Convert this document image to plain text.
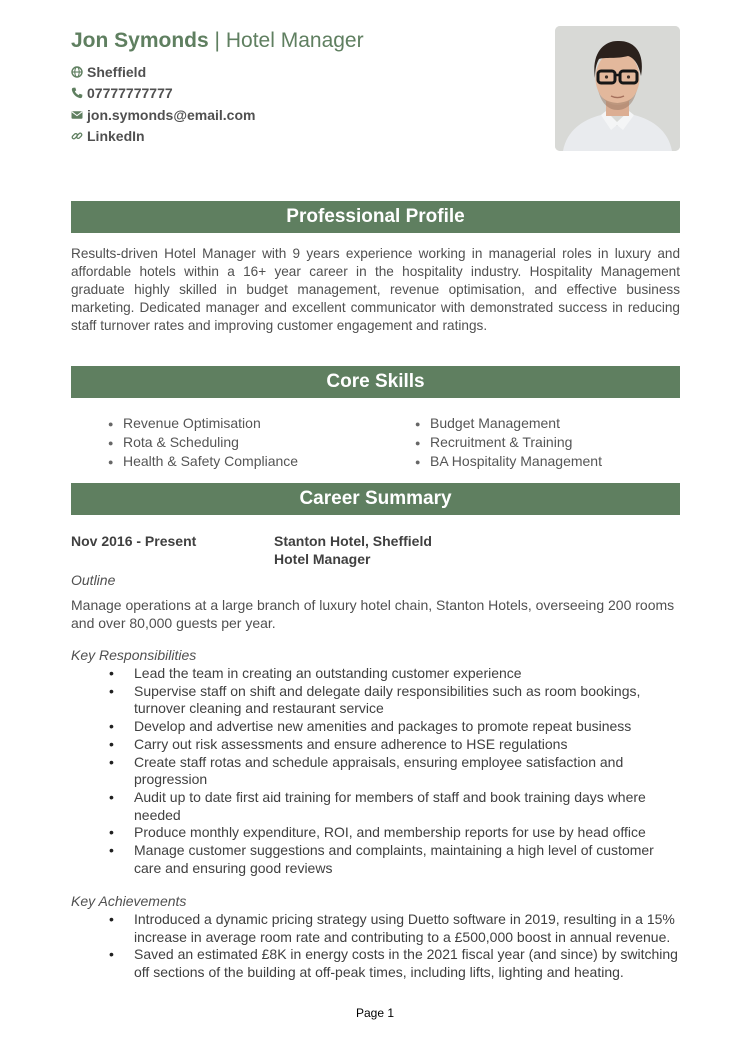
Jon Symonds | Hotel Manager
Sheffield
07777777777
jon.symonds@email.com
LinkedIn
Professional Profile
Results-driven Hotel Manager with 9 years experience working in managerial roles in luxury and affordable hotels within a 16+ year career in the hospitality industry. Hospitality Management graduate highly skilled in budget management, revenue optimisation, and effective business marketing. Dedicated manager and excellent communicator with demonstrated success in reducing staff turnover rates and improving customer engagement and ratings.
Core Skills
● Revenue Optimisation
● Rota & Scheduling
● Health & Safety Compliance
● Budget Management
● Recruitment & Training
● BA Hospitality Management
Career Summary
Nov 2016 - Present	Stanton Hotel, Sheffield
Hotel Manager
Outline
Manage operations at a large branch of luxury hotel chain, Stanton Hotels, overseeing 200 rooms and over 80,000 guests per year.
Key Responsibilities
• Lead the team in creating an outstanding customer experience
• Supervise staff on shift and delegate daily responsibilities such as room bookings, turnover cleaning and restaurant service
• Develop and advertise new amenities and packages to promote repeat business
• Carry out risk assessments and ensure adherence to HSE regulations
• Create staff rotas and schedule appraisals, ensuring employee satisfaction and progression
• Audit up to date first aid training for members of staff and book training days where needed
• Produce monthly expenditure, ROI, and membership reports for use by head office
• Manage customer suggestions and complaints, maintaining a high level of customer care and ensuring good reviews
Key Achievements
• Introduced a dynamic pricing strategy using Duetto software in 2019, resulting in a 15% increase in average room rate and contributing to a £500,000 boost in annual revenue.
• Saved an estimated £8K in energy costs in the 2021 fiscal year (and since) by switching off sections of the building at off-peak times, including lifts, lighting and heating.
Page 1
